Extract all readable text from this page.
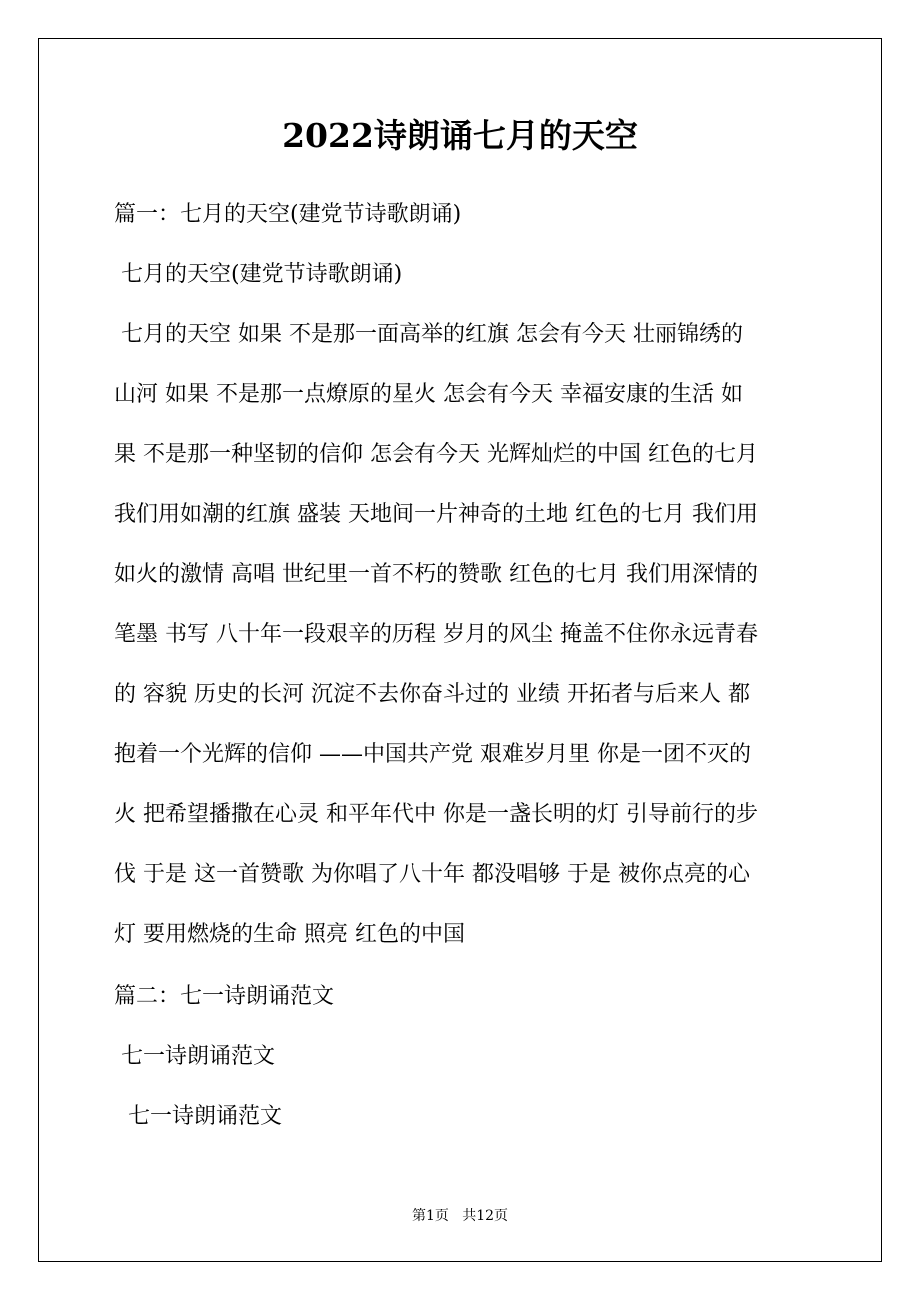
2022诗朗诵七月的天空

篇一：七月的天空(建党节诗歌朗诵)

七月的天空(建党节诗歌朗诵)

七月的天空 如果 不是那一面高举的红旗 怎会有今天 壮丽锦绣的

山河 如果 不是那一点燎原的星火 怎会有今天 幸福安康的生活 如

果 不是那一种坚韧的信仰 怎会有今天 光辉灿烂的中国 红色的七月

我们用如潮的红旗 盛装 天地间一片神奇的土地 红色的七月 我们用

如火的激情 高唱 世纪里一首不朽的赞歌 红色的七月 我们用深情的

笔墨 书写 八十年一段艰辛的历程 岁月的风尘 掩盖不住你永远青春

的 容貌 历史的长河 沉淀不去你奋斗过的 业绩 开拓者与后来人 都

抱着一个光辉的信仰 ——中国共产党 艰难岁月里 你是一团不灭的

火 把希望播撒在心灵 和平年代中 你是一盏长明的灯 引导前行的步

伐 于是 这一首赞歌 为你唱了八十年 都没唱够 于是 被你点亮的心

灯 要用燃烧的生命 照亮 红色的中国

篇二：七一诗朗诵范文

七一诗朗诵范文

七一诗朗诵范文

第1页   共12页
